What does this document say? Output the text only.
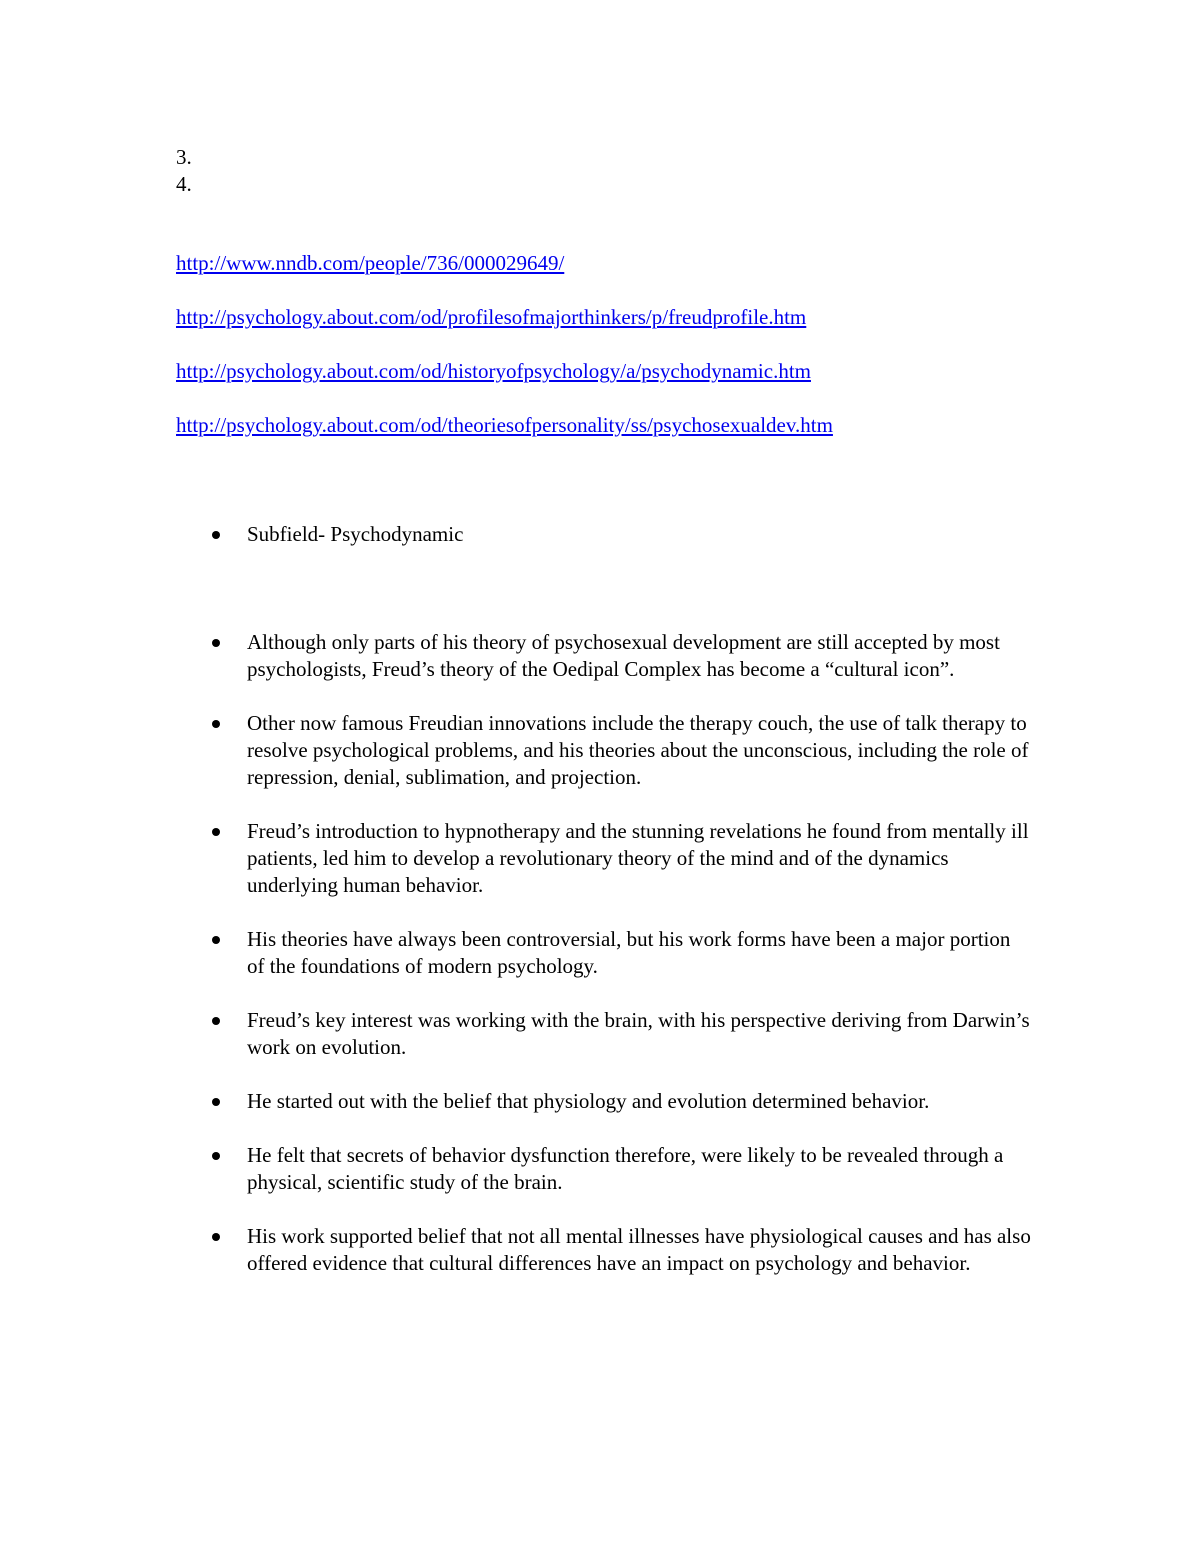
3.
4.
http://www.nndb.com/people/736/000029649/
http://psychology.about.com/od/profilesofmajorthinkers/p/freudprofile.htm
http://psychology.about.com/od/historyofpsychology/a/psychodynamic.htm
http://psychology.about.com/od/theoriesofpersonality/ss/psychosexualdev.htm
Subfield- Psychodynamic
Although only parts of his theory of psychosexual development are still accepted by most psychologists, Freud’s theory of the Oedipal Complex has become a “cultural icon”.
Other now famous Freudian innovations include the therapy couch, the use of talk therapy to resolve psychological problems, and his theories about the unconscious, including the role of repression, denial, sublimation, and projection.
Freud’s introduction to hypnotherapy and the stunning revelations he found from mentally ill patients, led him to develop a revolutionary theory of the mind and of the dynamics underlying human behavior.
His theories have always been controversial, but his work forms have been a major portion of the foundations of modern psychology.
Freud’s key interest was working with the brain, with his perspective deriving from Darwin’s work on evolution.
He started out with the belief that physiology and evolution determined behavior.
He felt that secrets of behavior dysfunction therefore, were likely to be revealed through a physical, scientific study of the brain.
His work supported belief that not all mental illnesses have physiological causes and has also offered evidence that cultural differences have an impact on psychology and behavior.
